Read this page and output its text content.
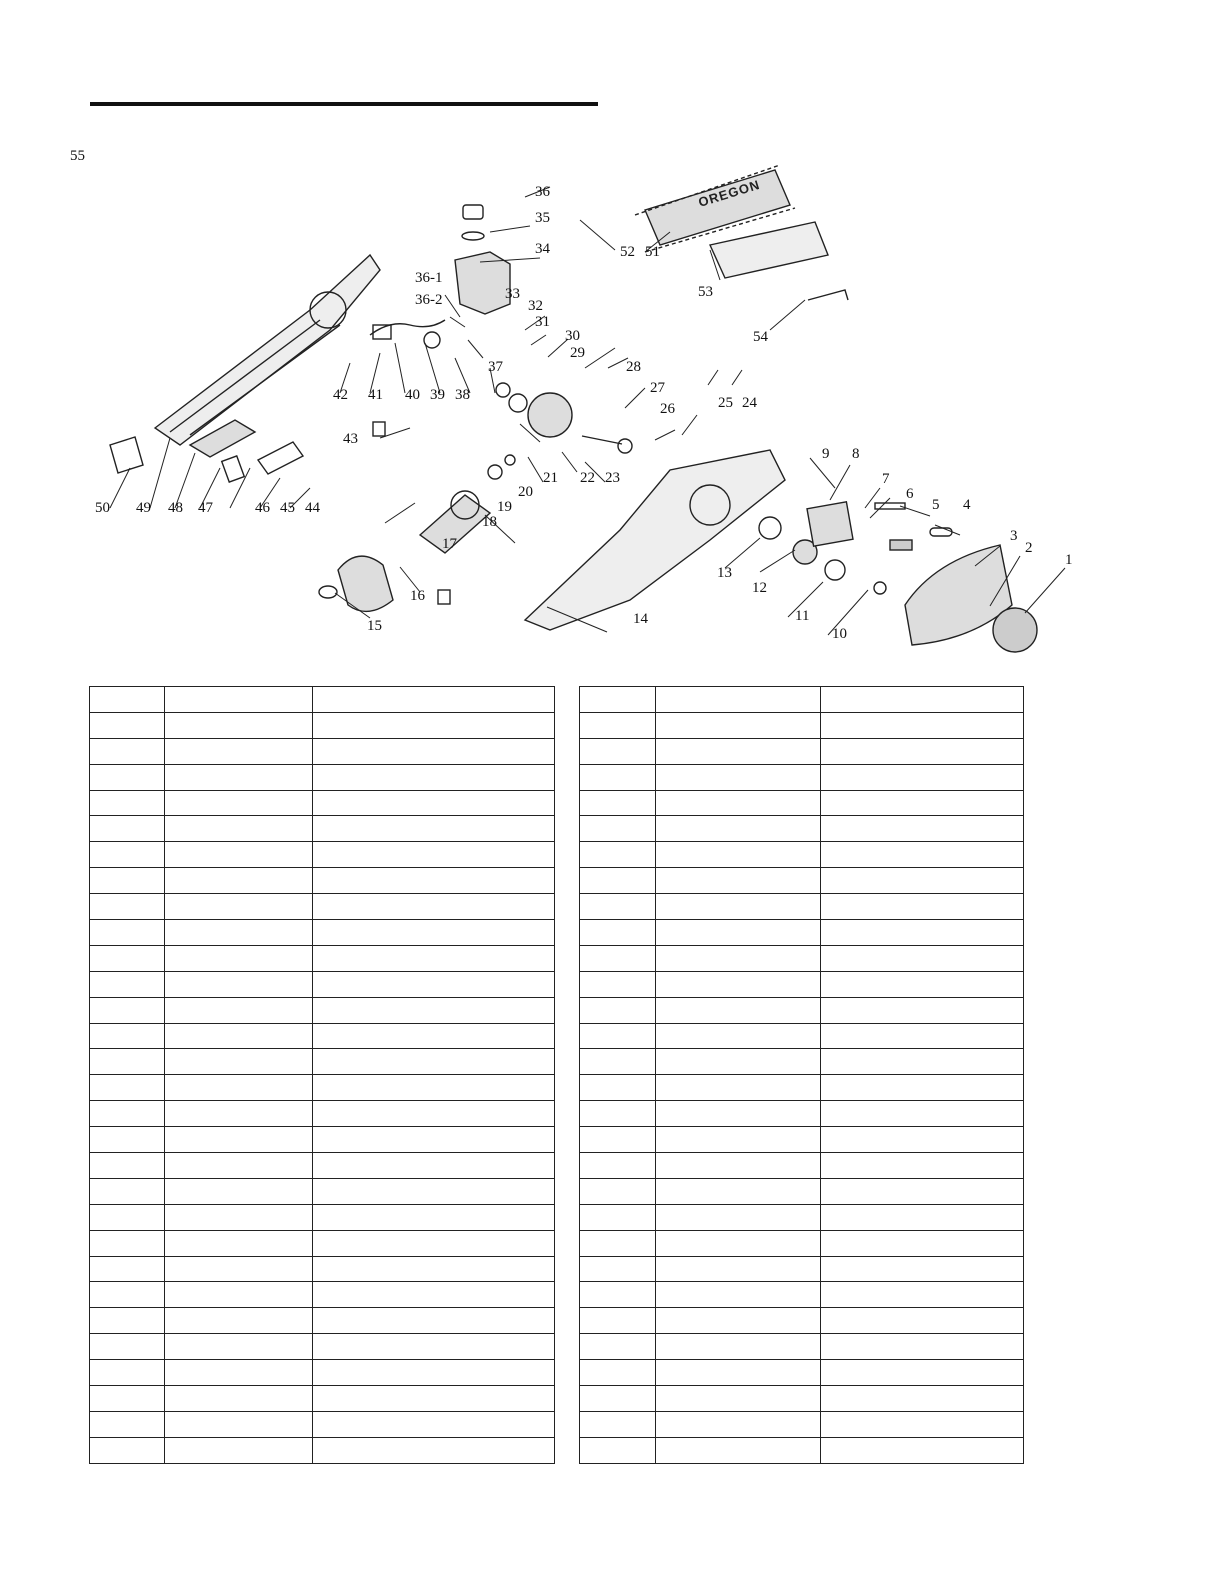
OREGON
1
2
3
4
5
6
7
8
9
10
11
12
13
14
15
16
17
18
19
20
21 22 23
24
25
26
27
28
29
30
31
32
33
34
35
36
36-1
36-2
37
38
39
40
41
42
43
44
45
46
47
48
49
50
51
52
53
54
55
